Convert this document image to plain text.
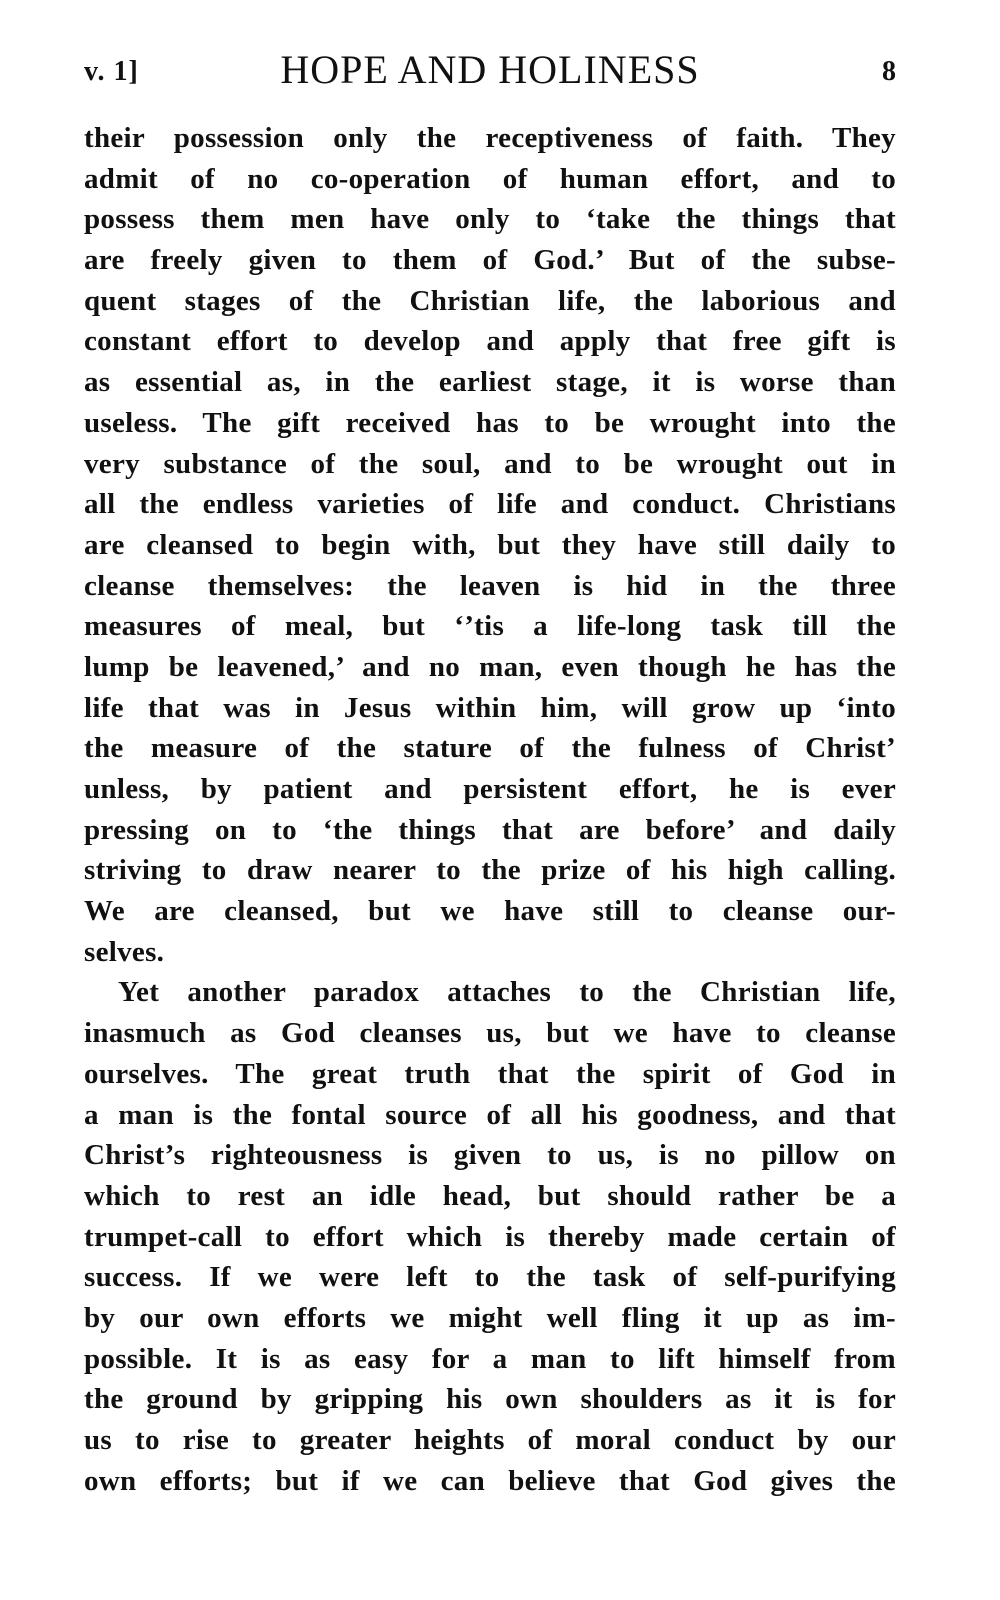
v. 1]	HOPE AND HOLINESS	8
their possession only the receptiveness of faith. They
admit of no co-operation of human effort, and to
possess them men have only to ‘take the things that
are freely given to them of God.’ But of the subse-
quent stages of the Christian life, the laborious and
constant effort to develop and apply that free gift is
as essential as, in the earliest stage, it is worse than
useless. The gift received has to be wrought into the
very substance of the soul, and to be wrought out in
all the endless varieties of life and conduct. Christians
are cleansed to begin with, but they have still daily to
cleanse themselves: the leaven is hid in the three
measures of meal, but ‘’tis a life-long task till the
lump be leavened,’ and no man, even though he has the
life that was in Jesus within him, will grow up ‘into
the measure of the stature of the fulness of Christ’
unless, by patient and persistent effort, he is ever
pressing on to ‘the things that are before’ and daily
striving to draw nearer to the prize of his high calling.
We are cleansed, but we have still to cleanse our-
selves.
Yet another paradox attaches to the Christian life,
inasmuch as God cleanses us, but we have to cleanse
ourselves. The great truth that the spirit of God in
a man is the fontal source of all his goodness, and that
Christ’s righteousness is given to us, is no pillow on
which to rest an idle head, but should rather be a
trumpet-call to effort which is thereby made certain of
success. If we were left to the task of self-purifying
by our own efforts we might well fling it up as im-
possible. It is as easy for a man to lift himself from
the ground by gripping his own shoulders as it is for
us to rise to greater heights of moral conduct by our
own efforts; but if we can believe that God gives the
